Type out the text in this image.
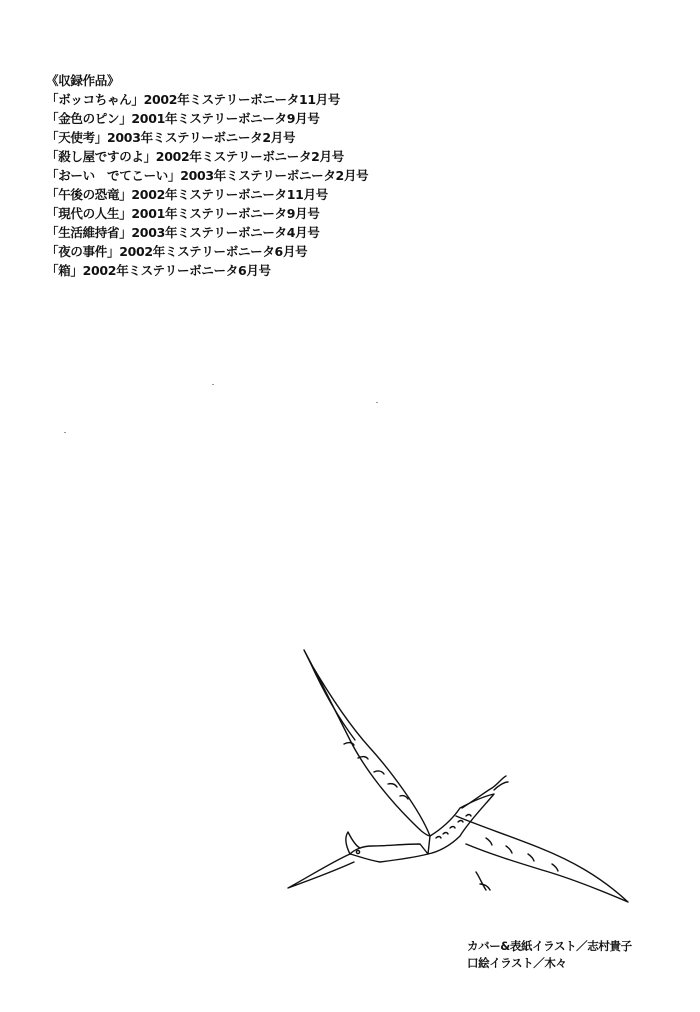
《収録作品》
「ボッコちゃん」2002年ミステリーボニータ11月号
「金色のピン」2001年ミステリーボニータ9月号
「天使考」2003年ミステリーボニータ2月号
「殺し屋ですのよ」2002年ミステリーボニータ2月号
「おーい　でてこーい」2003年ミステリーボニータ2月号
「午後の恐竜」2002年ミステリーボニータ11月号
「現代の人生」2001年ミステリーボニータ9月号
「生活維持省」2003年ミステリーボニータ4月号
「夜の事件」2002年ミステリーボニータ6月号
「箱」2002年ミステリーボニータ6月号
カバー&表紙イラスト／志村貴子
口絵イラスト／木々
